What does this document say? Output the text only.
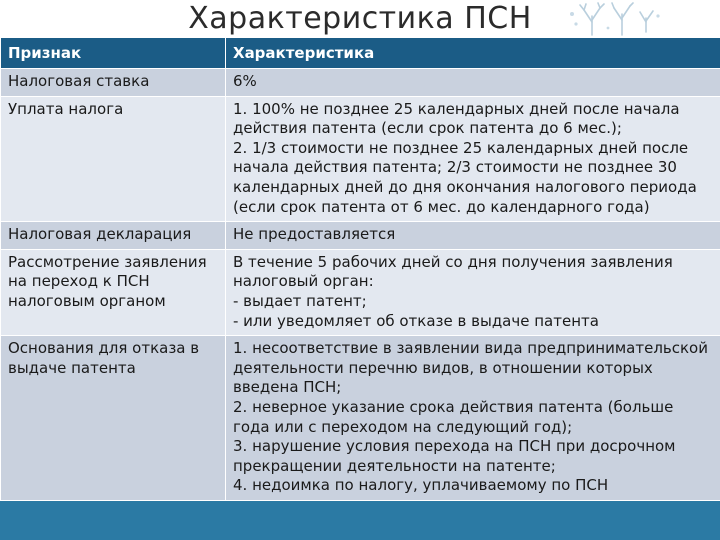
Характеристика ПСН
Признак	Характеристика
Налоговая ставка	6%
Уплата налога	1. 100% не позднее 25 календарных дней после начала действия патента (если срок патента до 6 мес.);
2. 1/3 стоимости не позднее 25 календарных дней после начала действия патента; 2/3 стоимости не позднее 30 календарных дней до дня окончания налогового периода (если срок патента от 6 мес. до календарного года)
Налоговая декларация	Не предоставляется
Рассмотрение заявления на переход к ПСН налоговым органом	В течение 5 рабочих дней со дня получения заявления налоговый орган:
- выдает патент;
- или уведомляет об отказе в выдаче патента
Основания для отказа в выдаче патента	1. несоответствие в заявлении вида предпринимательской деятельности перечню видов, в отношении которых введена ПСН;
2. неверное указание срока действия патента (больше года или с переходом на следующий год);
3. нарушение условия перехода на ПСН при досрочном прекращении деятельности на патенте;
4. недоимка по налогу, уплачиваемому по ПСН
